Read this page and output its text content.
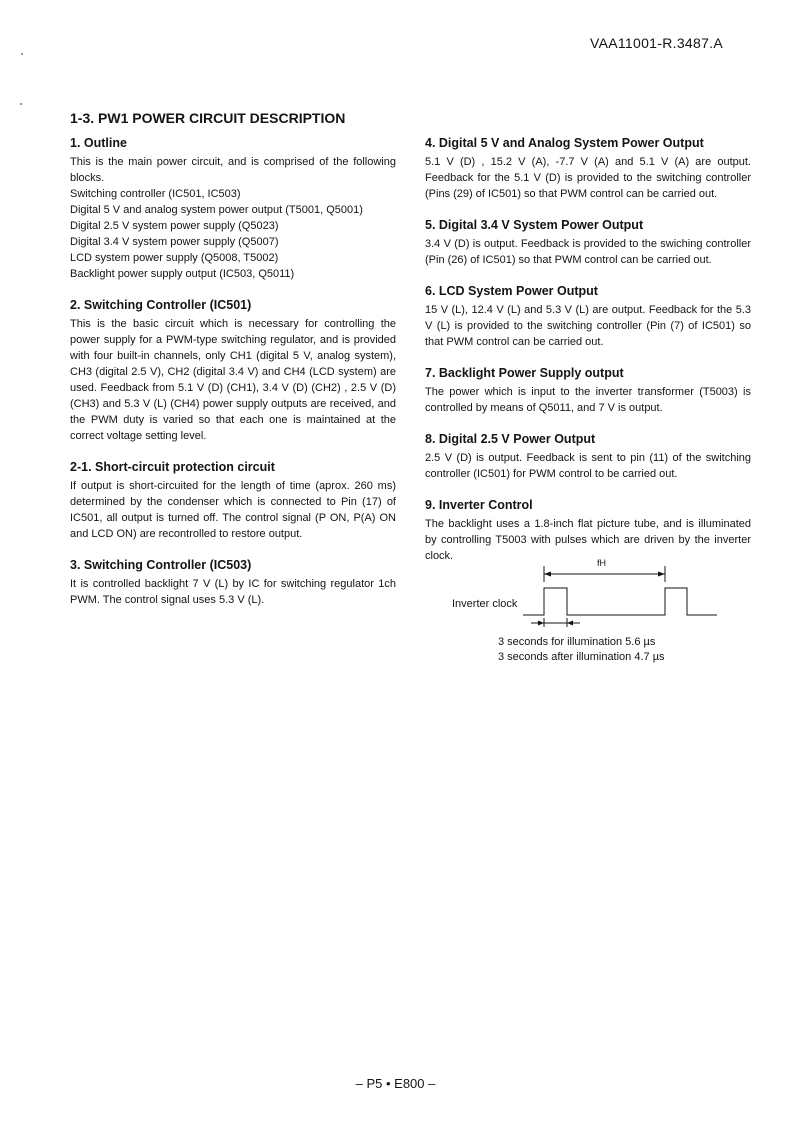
VAA11001-R.3487.A
1-3. PW1 POWER CIRCUIT DESCRIPTION
1. Outline

This is the main power circuit, and is comprised of the following blocks.

Switching controller (IC501, IC503)
Digital 5 V and analog system power output (T5001, Q5001)
Digital 2.5 V system power supply (Q5023)
Digital 3.4 V system power supply (Q5007)
LCD system power supply (Q5008, T5002)
Backlight power supply output (IC503, Q5011)
2. Switching Controller (IC501)

This is the basic circuit which is necessary for controlling the power supply for a PWM-type switching regulator, and is provided with four built-in channels, only CH1 (digital 5 V, analog system), CH3 (digital 2.5 V), CH2 (digital 3.4 V) and CH4 (LCD system) are used. Feedback from 5.1 V (D) (CH1), 3.4 V (D) (CH2) , 2.5 V (D) (CH3) and 5.3 V (L) (CH4) power supply outputs are received, and the PWM duty is varied so that each one is maintained at the correct voltage setting level.

2-1. Short-circuit protection circuit

If output is short-circuited for the length of time (aprox. 260 ms) determined by the condenser which is connected to Pin (17) of IC501, all output is turned off. The control signal (P ON, P(A) ON and LCD ON) are recontrolled to restore output.

3. Switching Controller (IC503)

It is controlled backlight 7 V (L) by IC for switching regulator 1ch PWM. The control signal uses 5.3 V (L).

4. Digital 5 V and Analog System Power Output

5.1 V (D) , 15.2 V (A), -7.7 V (A) and 5.1 V (A) are output. Feedback for the 5.1 V (D) is provided to the switching controller (Pins (29) of IC501) so that PWM control can be carried out.

5. Digital 3.4 V System Power Output

3.4 V (D) is output. Feedback is provided to the swiching controller (Pin (26) of IC501) so that PWM control can be carried out.

6. LCD System Power Output

15 V (L), 12.4 V (L) and 5.3 V (L) are output. Feedback for the 5.3 V (L) is provided to the switching controller (Pin (7) of IC501) so that PWM control can be carried out.

7. Backlight Power Supply output

The power which is input to the inverter transformer (T5003) is controlled by means of Q5011, and 7 V is output.

8. Digital 2.5 V Power Output

2.5 V (D) is output. Feedback is sent to pin (11) of the switching controller (IC501) for PWM control to be carried out.

9. Inverter Control

The backlight uses a 1.8-inch flat picture tube, and is illuminated by controlling T5003 with pulses which are driven by the inverter clock.

fH
Inverter clock
3 seconds for illumination 5.6 µs
3 seconds after illumination 4.7 µs
– P5 • E800 –
